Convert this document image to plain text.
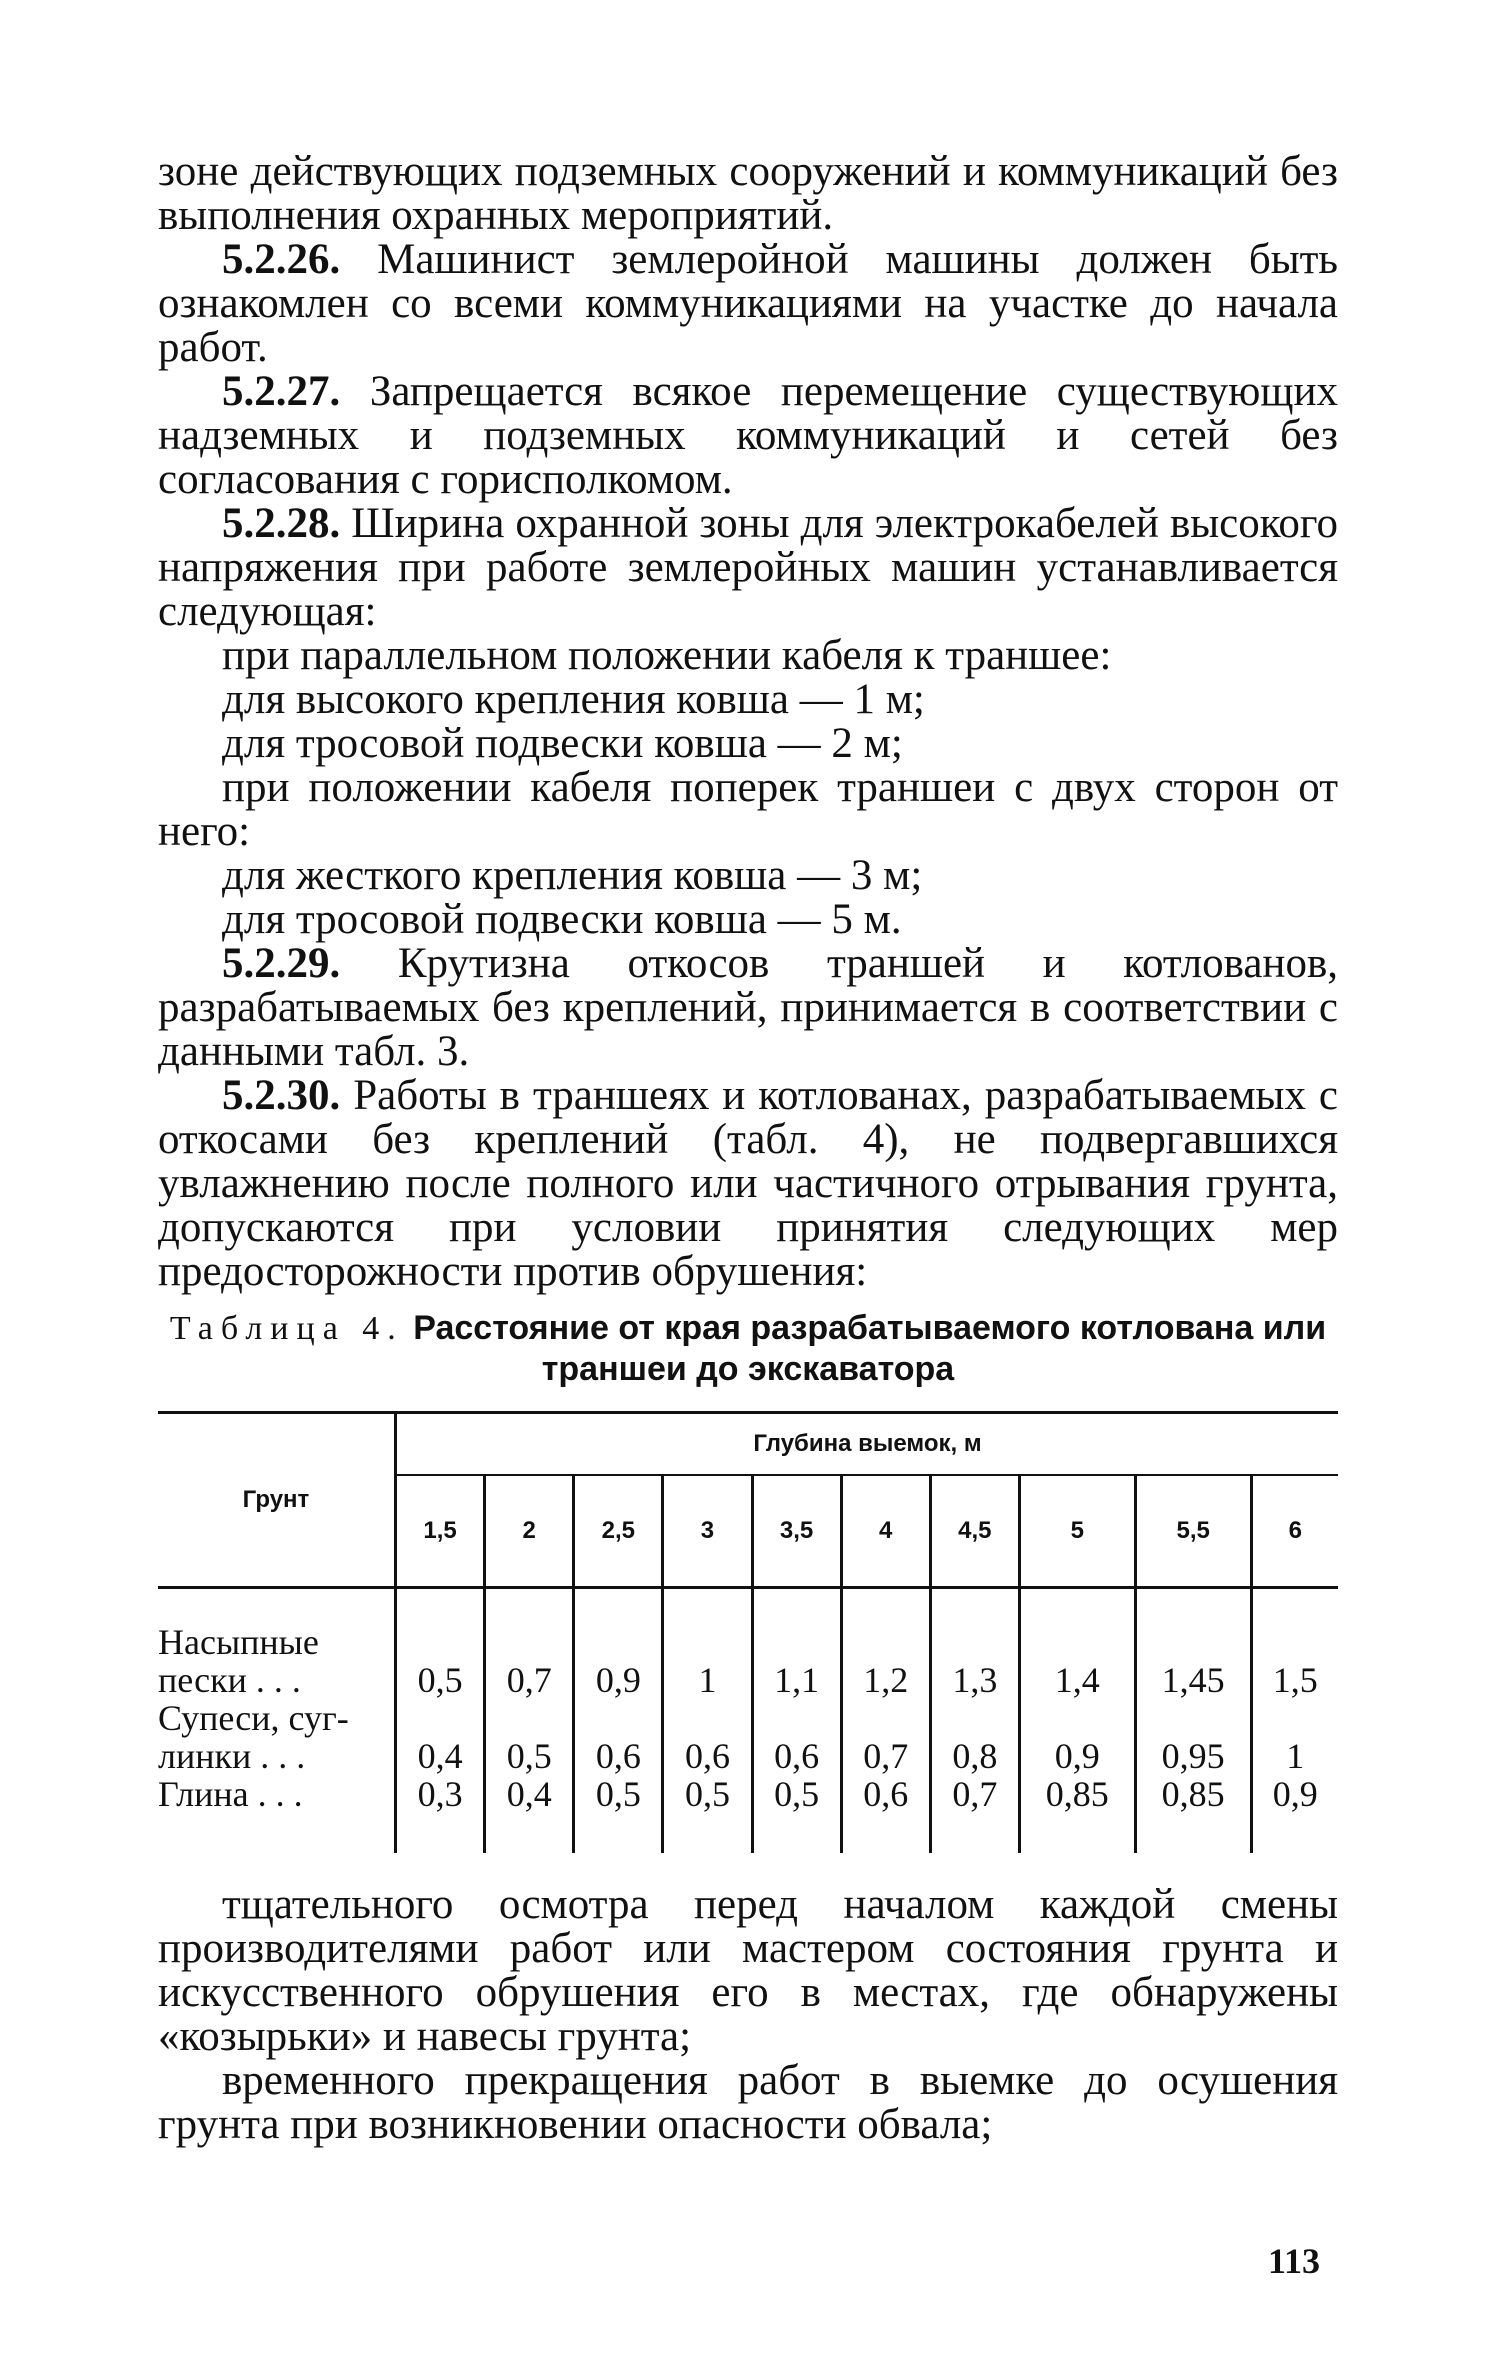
зоне действующих подземных сооружений и коммуникаций без выполнения охранных мероприятий.

5.2.26. Машинист землеройной машины должен быть ознакомлен со всеми коммуникациями на участке до начала работ.

5.2.27. Запрещается всякое перемещение существующих надземных и подземных коммуникаций и сетей без согласования с горисполкомом.

5.2.28. Ширина охранной зоны для электрокабелей высокого напряжения при работе землеройных машин устанавливается следующая:

при параллельном положении кабеля к траншее:

для высокого крепления ковша — 1 м;

для тросовой подвески ковша — 2 м;

при положении кабеля поперек траншеи с двух сторон от него:

для жесткого крепления ковша — 3 м;

для тросовой подвески ковша — 5 м.

5.2.29. Крутизна откосов траншей и котлованов, разрабатываемых без креплений, принимается в соответствии с данными табл. 3.

5.2.30. Работы в траншеях и котлованах, разрабатываемых с откосами без креплений (табл. 4), не подвергавшихся увлажнению после полного или частичного отрывания грунта, допускаются при условии принятия следующих мер предосторожности против обрушения:

Таблица 4. Расстояние от края разрабатываемого котлована или траншеи до экскаватора
Грунт	Глубина выемок, м									
	1,5	2	2,5	3	3,5	4	4,5	5	5,5	6
Насыпные
пески . . .	0,5	0,7	0,9	1	1,1	1,2	1,3	1,4	1,45	1,5
Супеси, суг-
линки . . .	0,4	0,5	0,6	0,6	0,6	0,7	0,8	0,9	0,95	1
Глина . . .	0,3	0,4	0,5	0,5	0,5	0,6	0,7	0,85	0,85	0,9

тщательного осмотра перед началом каждой смены производителями работ или мастером состояния грунта и искусственного обрушения его в местах, где обнаружены «козырьки» и навесы грунта;

временного прекращения работ в выемке до осушения грунта при возникновении опасности обвала;

113
